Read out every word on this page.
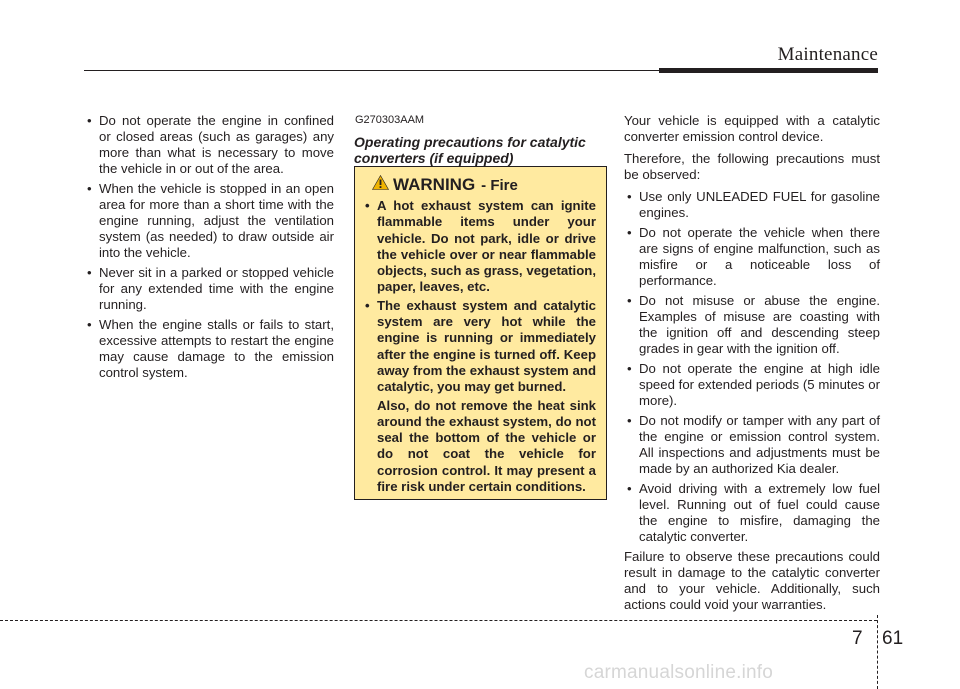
Maintenance
• Do not operate the engine in confined or closed areas (such as garages) any more than what is necessary to move the vehicle in or out of the area.
• When the vehicle is stopped in an open area for more than a short time with the engine running, adjust the ventilation system (as needed) to draw outside air into the vehicle.
• Never sit in a parked or stopped vehicle for any extended time with the engine running.
• When the engine stalls or fails to start, excessive attempts to restart the engine may cause damage to the emission control system.
G270303AAM
Operating precautions for catalytic converters (if equipped)
WARNING - Fire
• A hot exhaust system can ignite flammable items under your vehicle. Do not park, idle or drive the vehicle over or near flammable objects, such as grass, vegetation, paper, leaves, etc.
• The exhaust system and catalytic system are very hot while the engine is running or immediately after the engine is turned off. Keep away from the exhaust system and catalytic, you may get burned.

Also, do not remove the heat sink around the exhaust system, do not seal the bottom of the vehicle or do not coat the vehicle for corrosion control. It may present a fire risk under certain conditions.

Your vehicle is equipped with a catalytic converter emission control device.

Therefore, the following precautions must be observed:

• Use only UNLEADED FUEL for gasoline engines.
• Do not operate the vehicle when there are signs of engine malfunction, such as misfire or a noticeable loss of performance.
• Do not misuse or abuse the engine. Examples of misuse are coasting with the ignition off and descending steep grades in gear with the ignition off.
• Do not operate the engine at high idle speed for extended periods (5 minutes or more).
• Do not modify or tamper with any part of the engine or emission control system. All inspections and adjustments must be made by an authorized Kia dealer.
• Avoid driving with a extremely low fuel level. Running out of fuel could cause the engine to misfire, damaging the catalytic converter.

Failure to observe these precautions could result in damage to the catalytic converter and to your vehicle. Additionally, such actions could void your warranties.

7 61
carmanualsonline.info
